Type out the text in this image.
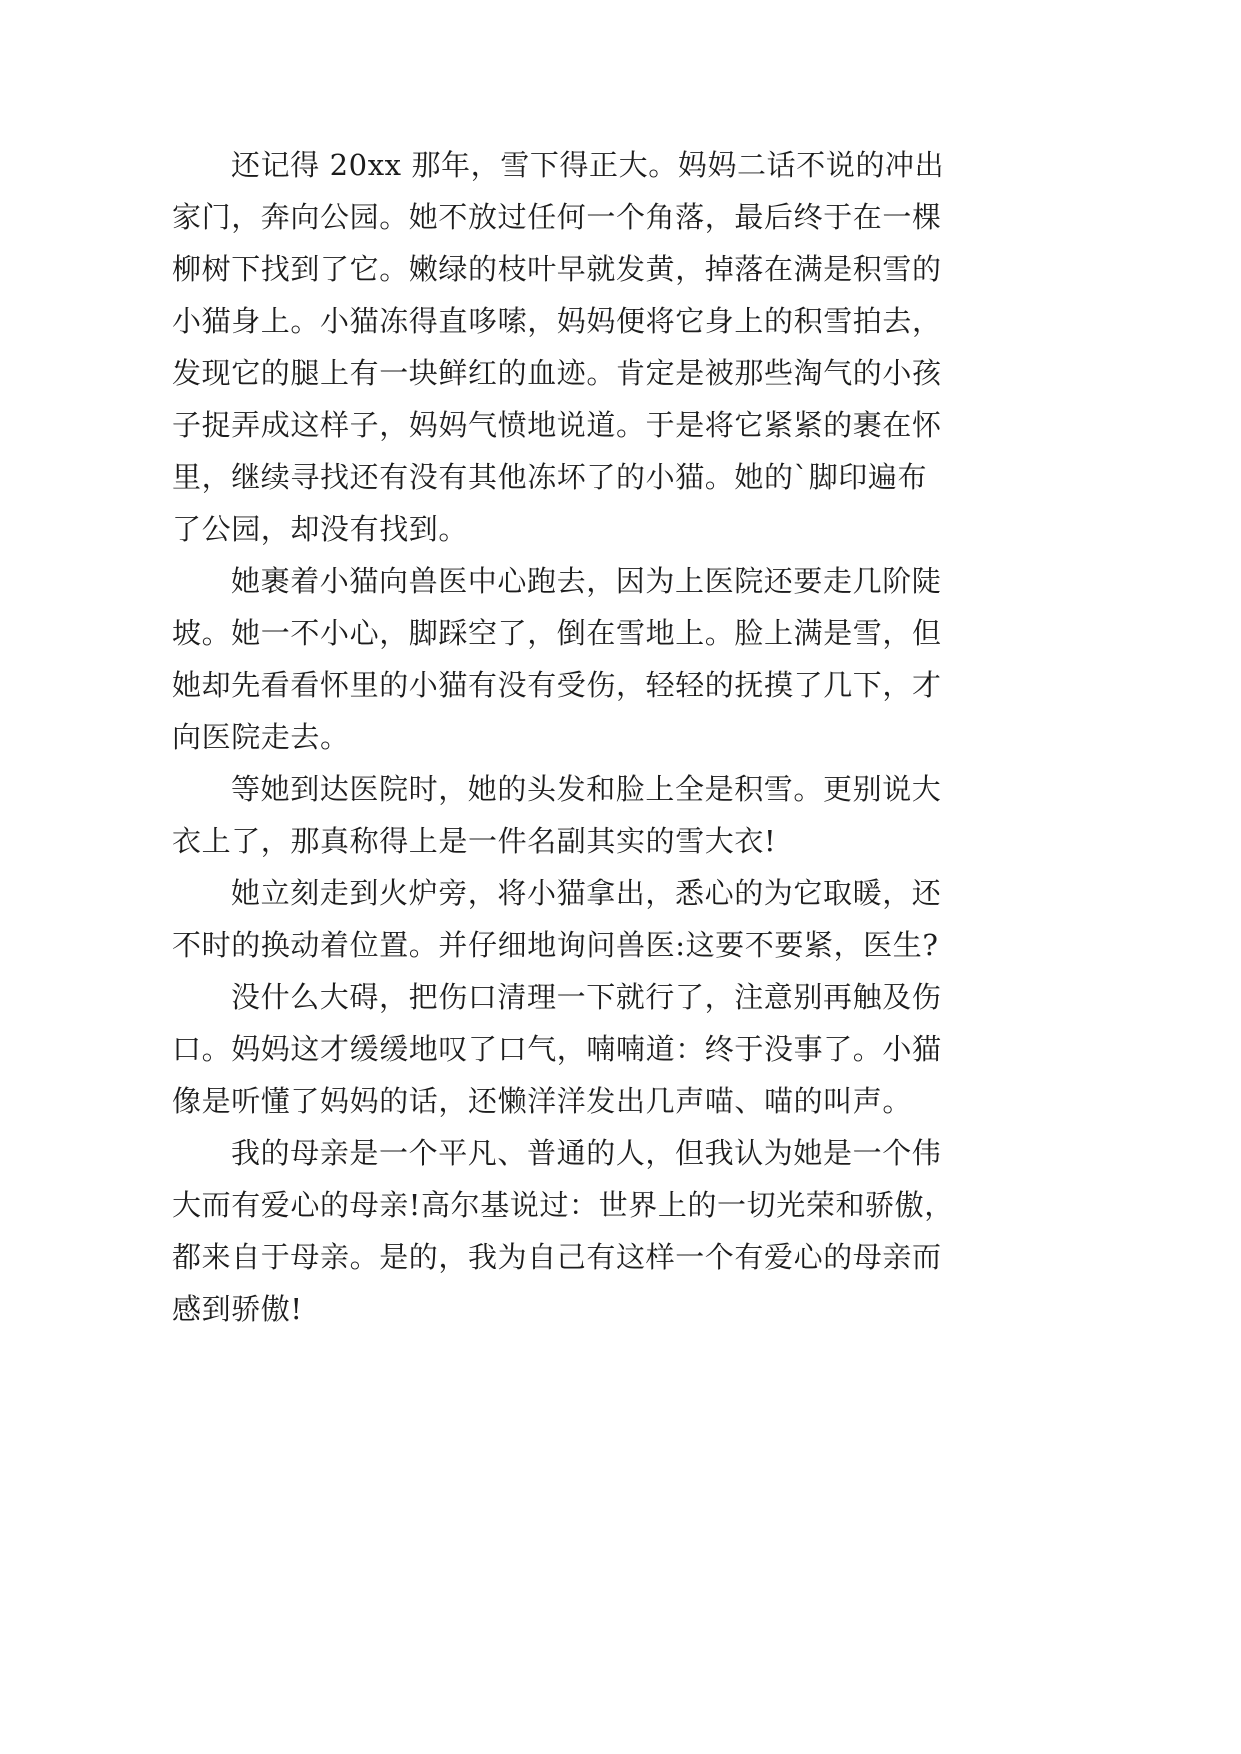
还记得 20xx 那年，雪下得正大。妈妈二话不说的冲出
家门，奔向公园。她不放过任何一个角落，最后终于在一棵
柳树下找到了它。嫩绿的枝叶早就发黄，掉落在满是积雪的
小猫身上。小猫冻得直哆嗦，妈妈便将它身上的积雪拍去，
发现它的腿上有一块鲜红的血迹。肯定是被那些淘气的小孩
子捉弄成这样子，妈妈气愤地说道。于是将它紧紧的裹在怀
里，继续寻找还有没有其他冻坏了的小猫。她的`脚印遍布
了公园，却没有找到。
她裹着小猫向兽医中心跑去，因为上医院还要走几阶陡
坡。她一不小心，脚踩空了，倒在雪地上。脸上满是雪，但
她却先看看怀里的小猫有没有受伤，轻轻的抚摸了几下，才
向医院走去。
等她到达医院时，她的头发和脸上全是积雪。更别说大
衣上了，那真称得上是一件名副其实的雪大衣!
她立刻走到火炉旁，将小猫拿出，悉心的为它取暖，还
不时的换动着位置。并仔细地询问兽医:这要不要紧，医生?
没什么大碍，把伤口清理一下就行了，注意别再触及伤
口。妈妈这才缓缓地叹了口气，喃喃道：终于没事了。小猫
像是听懂了妈妈的话，还懒洋洋发出几声喵、喵的叫声。
我的母亲是一个平凡、普通的人，但我认为她是一个伟
大而有爱心的母亲!高尔基说过：世界上的一切光荣和骄傲，
都来自于母亲。是的，我为自己有这样一个有爱心的母亲而
感到骄傲!
